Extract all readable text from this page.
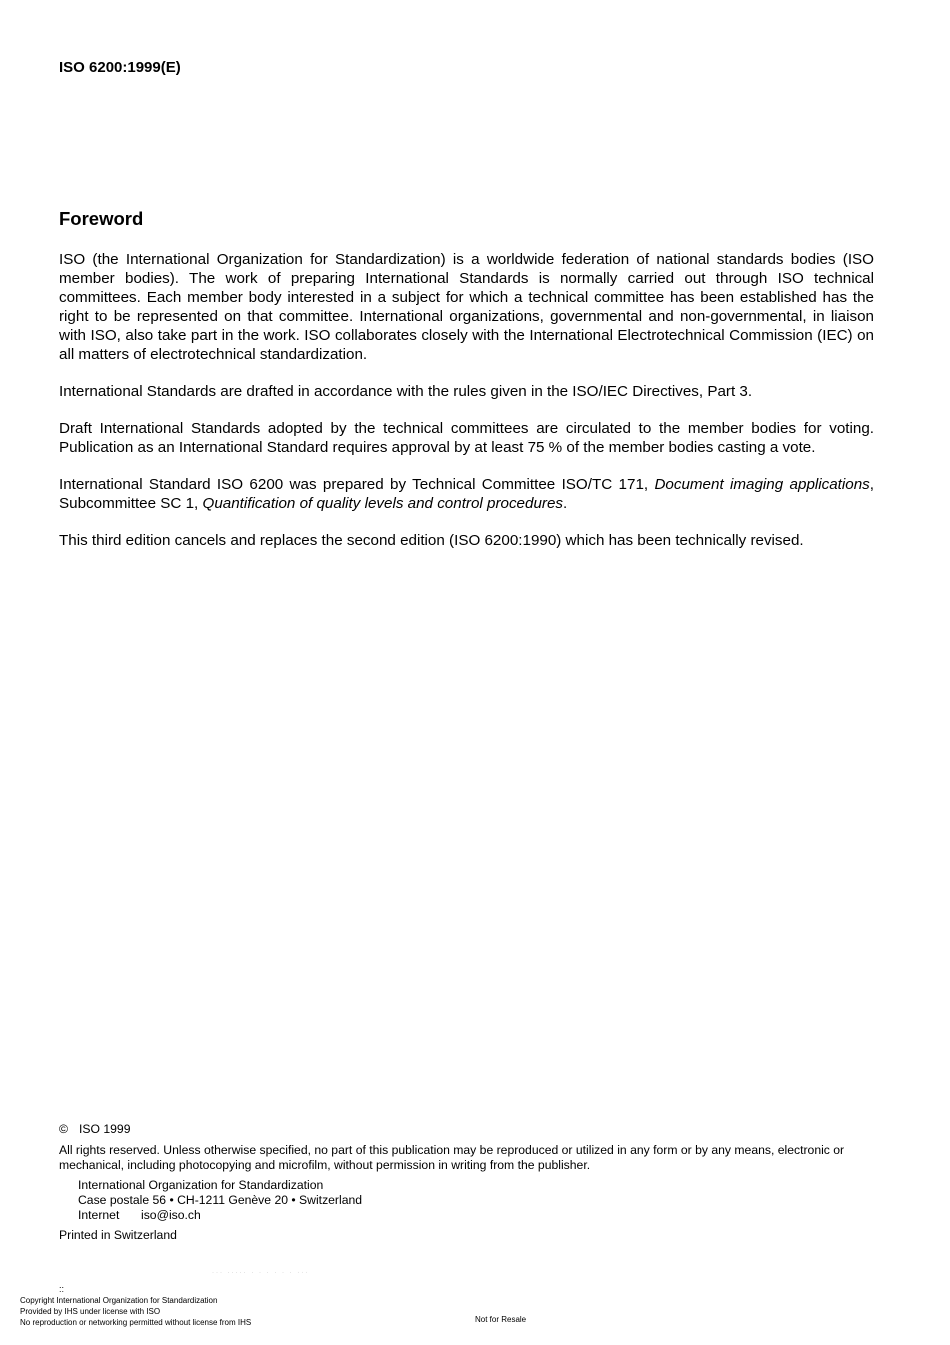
ISO 6200:1999(E)
Foreword

ISO (the International Organization for Standardization) is a worldwide federation of national standards bodies (ISO member bodies). The work of preparing International Standards is normally carried out through ISO technical committees. Each member body interested in a subject for which a technical committee has been established has the right to be represented on that committee. International organizations, governmental and non-governmental, in liaison with ISO, also take part in the work. ISO collaborates closely with the International Electrotechnical Commission (IEC) on all matters of electrotechnical standardization.

International Standards are drafted in accordance with the rules given in the ISO/IEC Directives, Part 3.

Draft International Standards adopted by the technical committees are circulated to the member bodies for voting. Publication as an International Standard requires approval by at least 75 % of the member bodies casting a vote.

International Standard ISO 6200 was prepared by Technical Committee ISO/TC 171, Document imaging applications, Subcommittee SC 1, Quantification of quality levels and control procedures.

This third edition cancels and replaces the second edition (ISO 6200:1990) which has been technically revised.

© ISO 1999

All rights reserved. Unless otherwise specified, no part of this publication may be reproduced or utilized in any form or by any means, electronic or mechanical, including photocopying and microfilm, without permission in writing from the publisher.

International Organization for Standardization
Case postale 56 • CH-1211 Genève 20 • Switzerland
Internet iso@iso.ch
Printed in Switzerland
··· ····· · · · · · · ···
::
Copyright International Organization for Standardization
Provided by IHS under license with ISO
No reproduction or networking permitted without license from IHS	Not for Resale
